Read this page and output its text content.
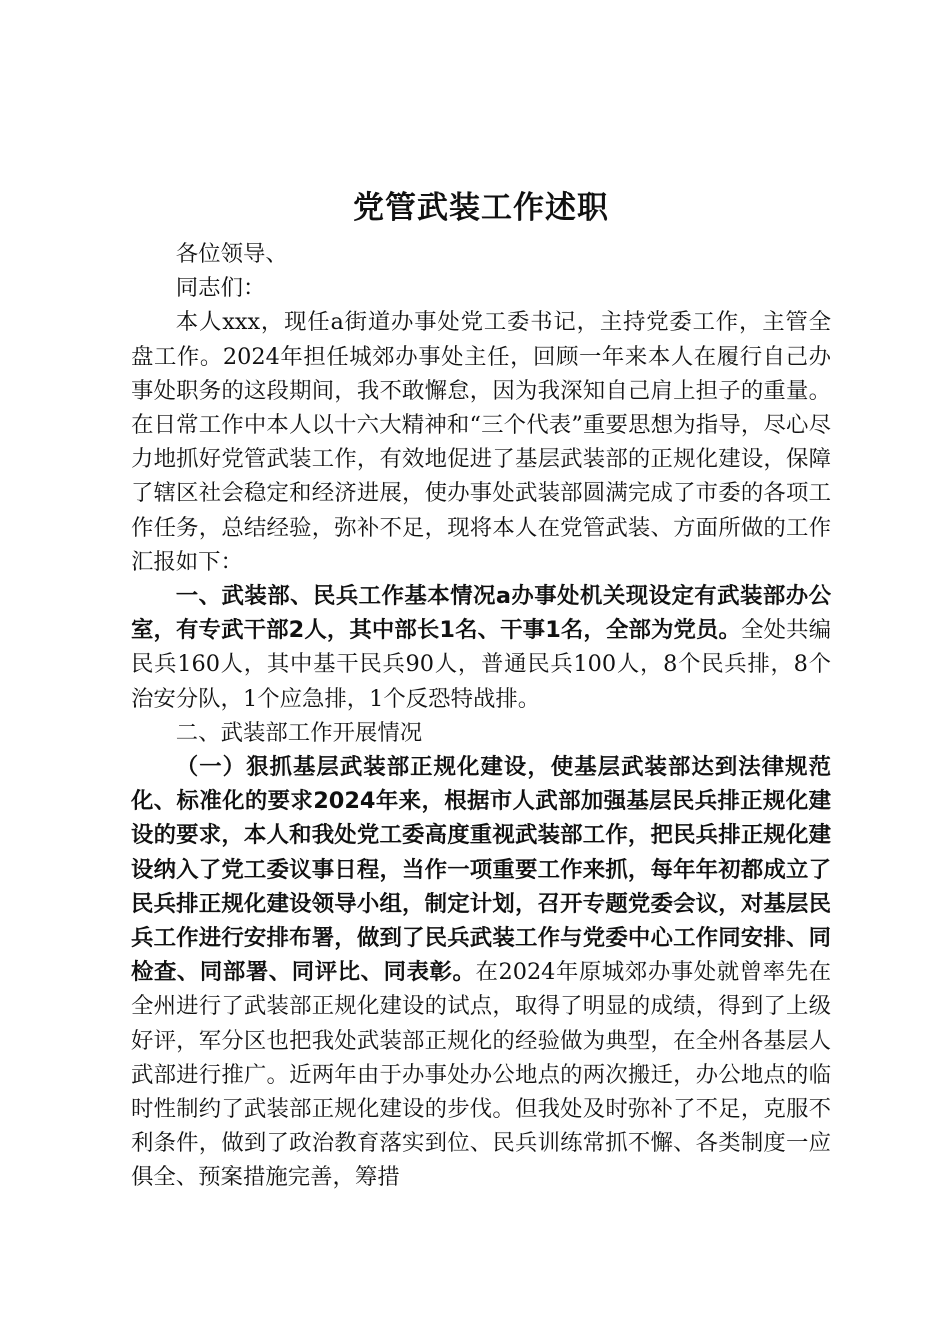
党管武装工作述职

各位领导、

同志们：

本人xxx，现任a街道办事处党工委书记，主持党委工作，主管全盘工作。2024年担任城郊办事处主任，回顾一年来本人在履行自己办事处职务的这段期间，我不敢懈怠，因为我深知自己肩上担子的重量。在日常工作中本人以十六大精神和“三个代表”重要思想为指导，尽心尽力地抓好党管武装工作，有效地促进了基层武装部的正规化建设，保障了辖区社会稳定和经济进展，使办事处武装部圆满完成了市委的各项工作任务，总结经验，弥补不足，现将本人在党管武装、方面所做的工作汇报如下：

一、武装部、民兵工作基本情况a办事处机关现设定有武装部办公室，有专武干部2人，其中部长1名、干事1名，全部为党员。全处共编民兵160人，其中基干民兵90人，普通民兵100人，8个民兵排，8个治安分队，1个应急排，1个反恐特战排。

二、武装部工作开展情况

（一）狠抓基层武装部正规化建设，使基层武装部达到法律规范化、标准化的要求2024年来，根据市人武部加强基层民兵排正规化建设的要求，本人和我处党工委高度重视武装部工作，把民兵排正规化建设纳入了党工委议事日程，当作一项重要工作来抓，每年年初都成立了民兵排正规化建设领导小组，制定计划，召开专题党委会议，对基层民兵工作进行安排布署，做到了民兵武装工作与党委中心工作同安排、同检查、同部署、同评比、同表彰。在2024年原城郊办事处就曾率先在全州进行了武装部正规化建设的试点，取得了明显的成绩，得到了上级好评，军分区也把我处武装部正规化的经验做为典型，在全州各基层人武部进行推广。近两年由于办事处办公地点的两次搬迁，办公地点的临时性制约了武装部正规化建设的步伐。但我处及时弥补了不足，克服不利条件，做到了政治教育落实到位、民兵训练常抓不懈、各类制度一应俱全、预案措施完善，筹措
